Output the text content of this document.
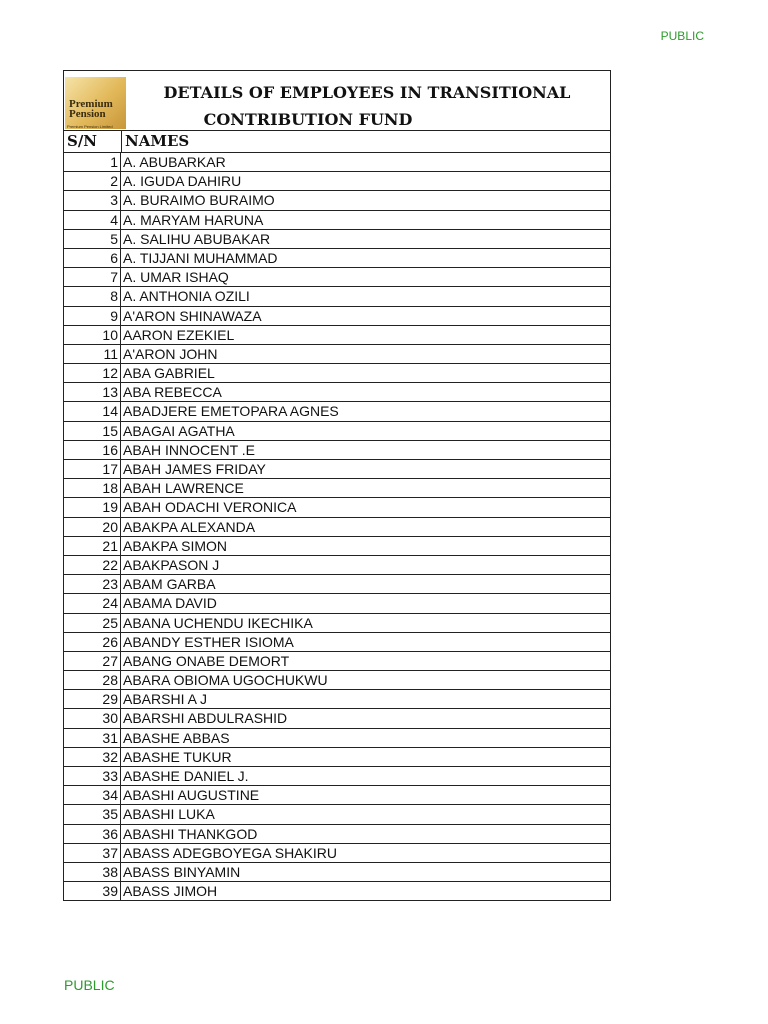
PUBLIC
Premium
Pension
Premium Pension Limited
DETAILS OF EMPLOYEES IN TRANSITIONAL
CONTRIBUTION FUND
S/N	NAMES
1 A. ABUBARKAR
2 A. IGUDA DAHIRU
3 A. BURAIMO BURAIMO
4 A. MARYAM HARUNA
5 A. SALIHU ABUBAKAR
6 A. TIJJANI MUHAMMAD
7 A. UMAR ISHAQ
8 A. ANTHONIA OZILI
9 A'ARON SHINAWAZA
10 AARON EZEKIEL
11 A'ARON JOHN
12 ABA GABRIEL
13 ABA REBECCA
14 ABADJERE EMETOPARA AGNES
15 ABAGAI AGATHA
16 ABAH INNOCENT .E
17 ABAH JAMES FRIDAY
18 ABAH LAWRENCE
19 ABAH ODACHI VERONICA
20 ABAKPA ALEXANDA
21 ABAKPA SIMON
22 ABAKPASON J
23 ABAM GARBA
24 ABAMA DAVID
25 ABANA UCHENDU IKECHIKA
26 ABANDY ESTHER ISIOMA
27 ABANG ONABE DEMORT
28 ABARA OBIOMA UGOCHUKWU
29 ABARSHI A J
30 ABARSHI ABDULRASHID
31 ABASHE ABBAS
32 ABASHE TUKUR
33 ABASHE DANIEL J.
34 ABASHI AUGUSTINE
35 ABASHI LUKA
36 ABASHI THANKGOD
37 ABASS ADEGBOYEGA SHAKIRU
38 ABASS BINYAMIN
39 ABASS JIMOH
PUBLIC
